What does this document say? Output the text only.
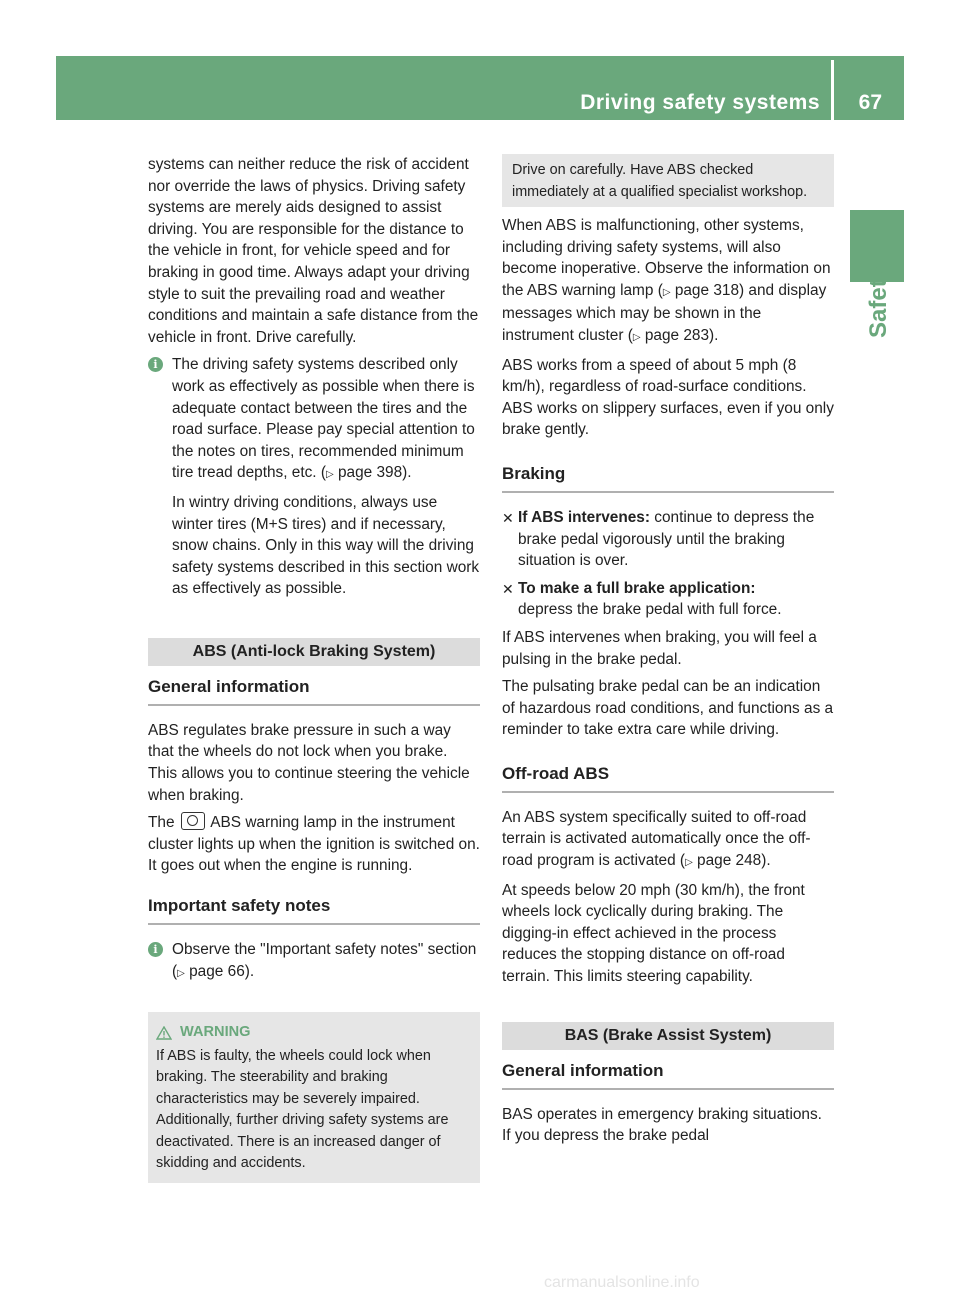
Driving safety systems 67
Safety

systems can neither reduce the risk of accident nor override the laws of physics. Driving safety systems are merely aids designed to assist driving. You are responsible for the distance to the vehicle in front, for vehicle speed and for braking in good time. Always adapt your driving style to suit the prevailing road and weather conditions and maintain a safe distance from the vehicle in front. Drive carefully.

i The driving safety systems described only work as effectively as possible when there is adequate contact between the tires and the road surface. Please pay special attention to the notes on tires, recommended minimum tire tread depths, etc. (▷ page 398).

In wintry driving conditions, always use winter tires (M+S tires) and if necessary, snow chains. Only in this way will the driving safety systems described in this section work as effectively as possible.

ABS (Anti-lock Braking System)
General information

ABS regulates brake pressure in such a way that the wheels do not lock when you brake. This allows you to continue steering the vehicle when braking.

The ABS warning lamp in the instrument cluster lights up when the ignition is switched on. It goes out when the engine is running.

Important safety notes
i Observe the "Important safety notes" section (▷ page 66).

WARNING
If ABS is faulty, the wheels could lock when braking. The steerability and braking characteristics may be severely impaired. Additionally, further driving safety systems are deactivated. There is an increased danger of skidding and accidents.
Drive on carefully. Have ABS checked immediately at a qualified specialist workshop.

When ABS is malfunctioning, other systems, including driving safety systems, will also become inoperative. Observe the information on the ABS warning lamp (▷ page 318) and display messages which may be shown in the instrument cluster (▷ page 283).

ABS works from a speed of about 5 mph (8 km/h), regardless of road-surface conditions. ABS works on slippery surfaces, even if you only brake gently.

Braking
✕ If ABS intervenes: continue to depress the brake pedal vigorously until the braking situation is over.
✕ To make a full brake application:
depress the brake pedal with full force.

If ABS intervenes when braking, you will feel a pulsing in the brake pedal.

The pulsating brake pedal can be an indication of hazardous road conditions, and functions as a reminder to take extra care while driving.

Off-road ABS

An ABS system specifically suited to off-road terrain is activated automatically once the off-road program is activated (▷ page 248).

At speeds below 20 mph (30 km/h), the front wheels lock cyclically during braking. The digging-in effect achieved in the process reduces the stopping distance on off-road terrain. This limits steering capability.

BAS (Brake Assist System)
General information

BAS operates in emergency braking situations. If you depress the brake pedal

carmanualsonline.info
